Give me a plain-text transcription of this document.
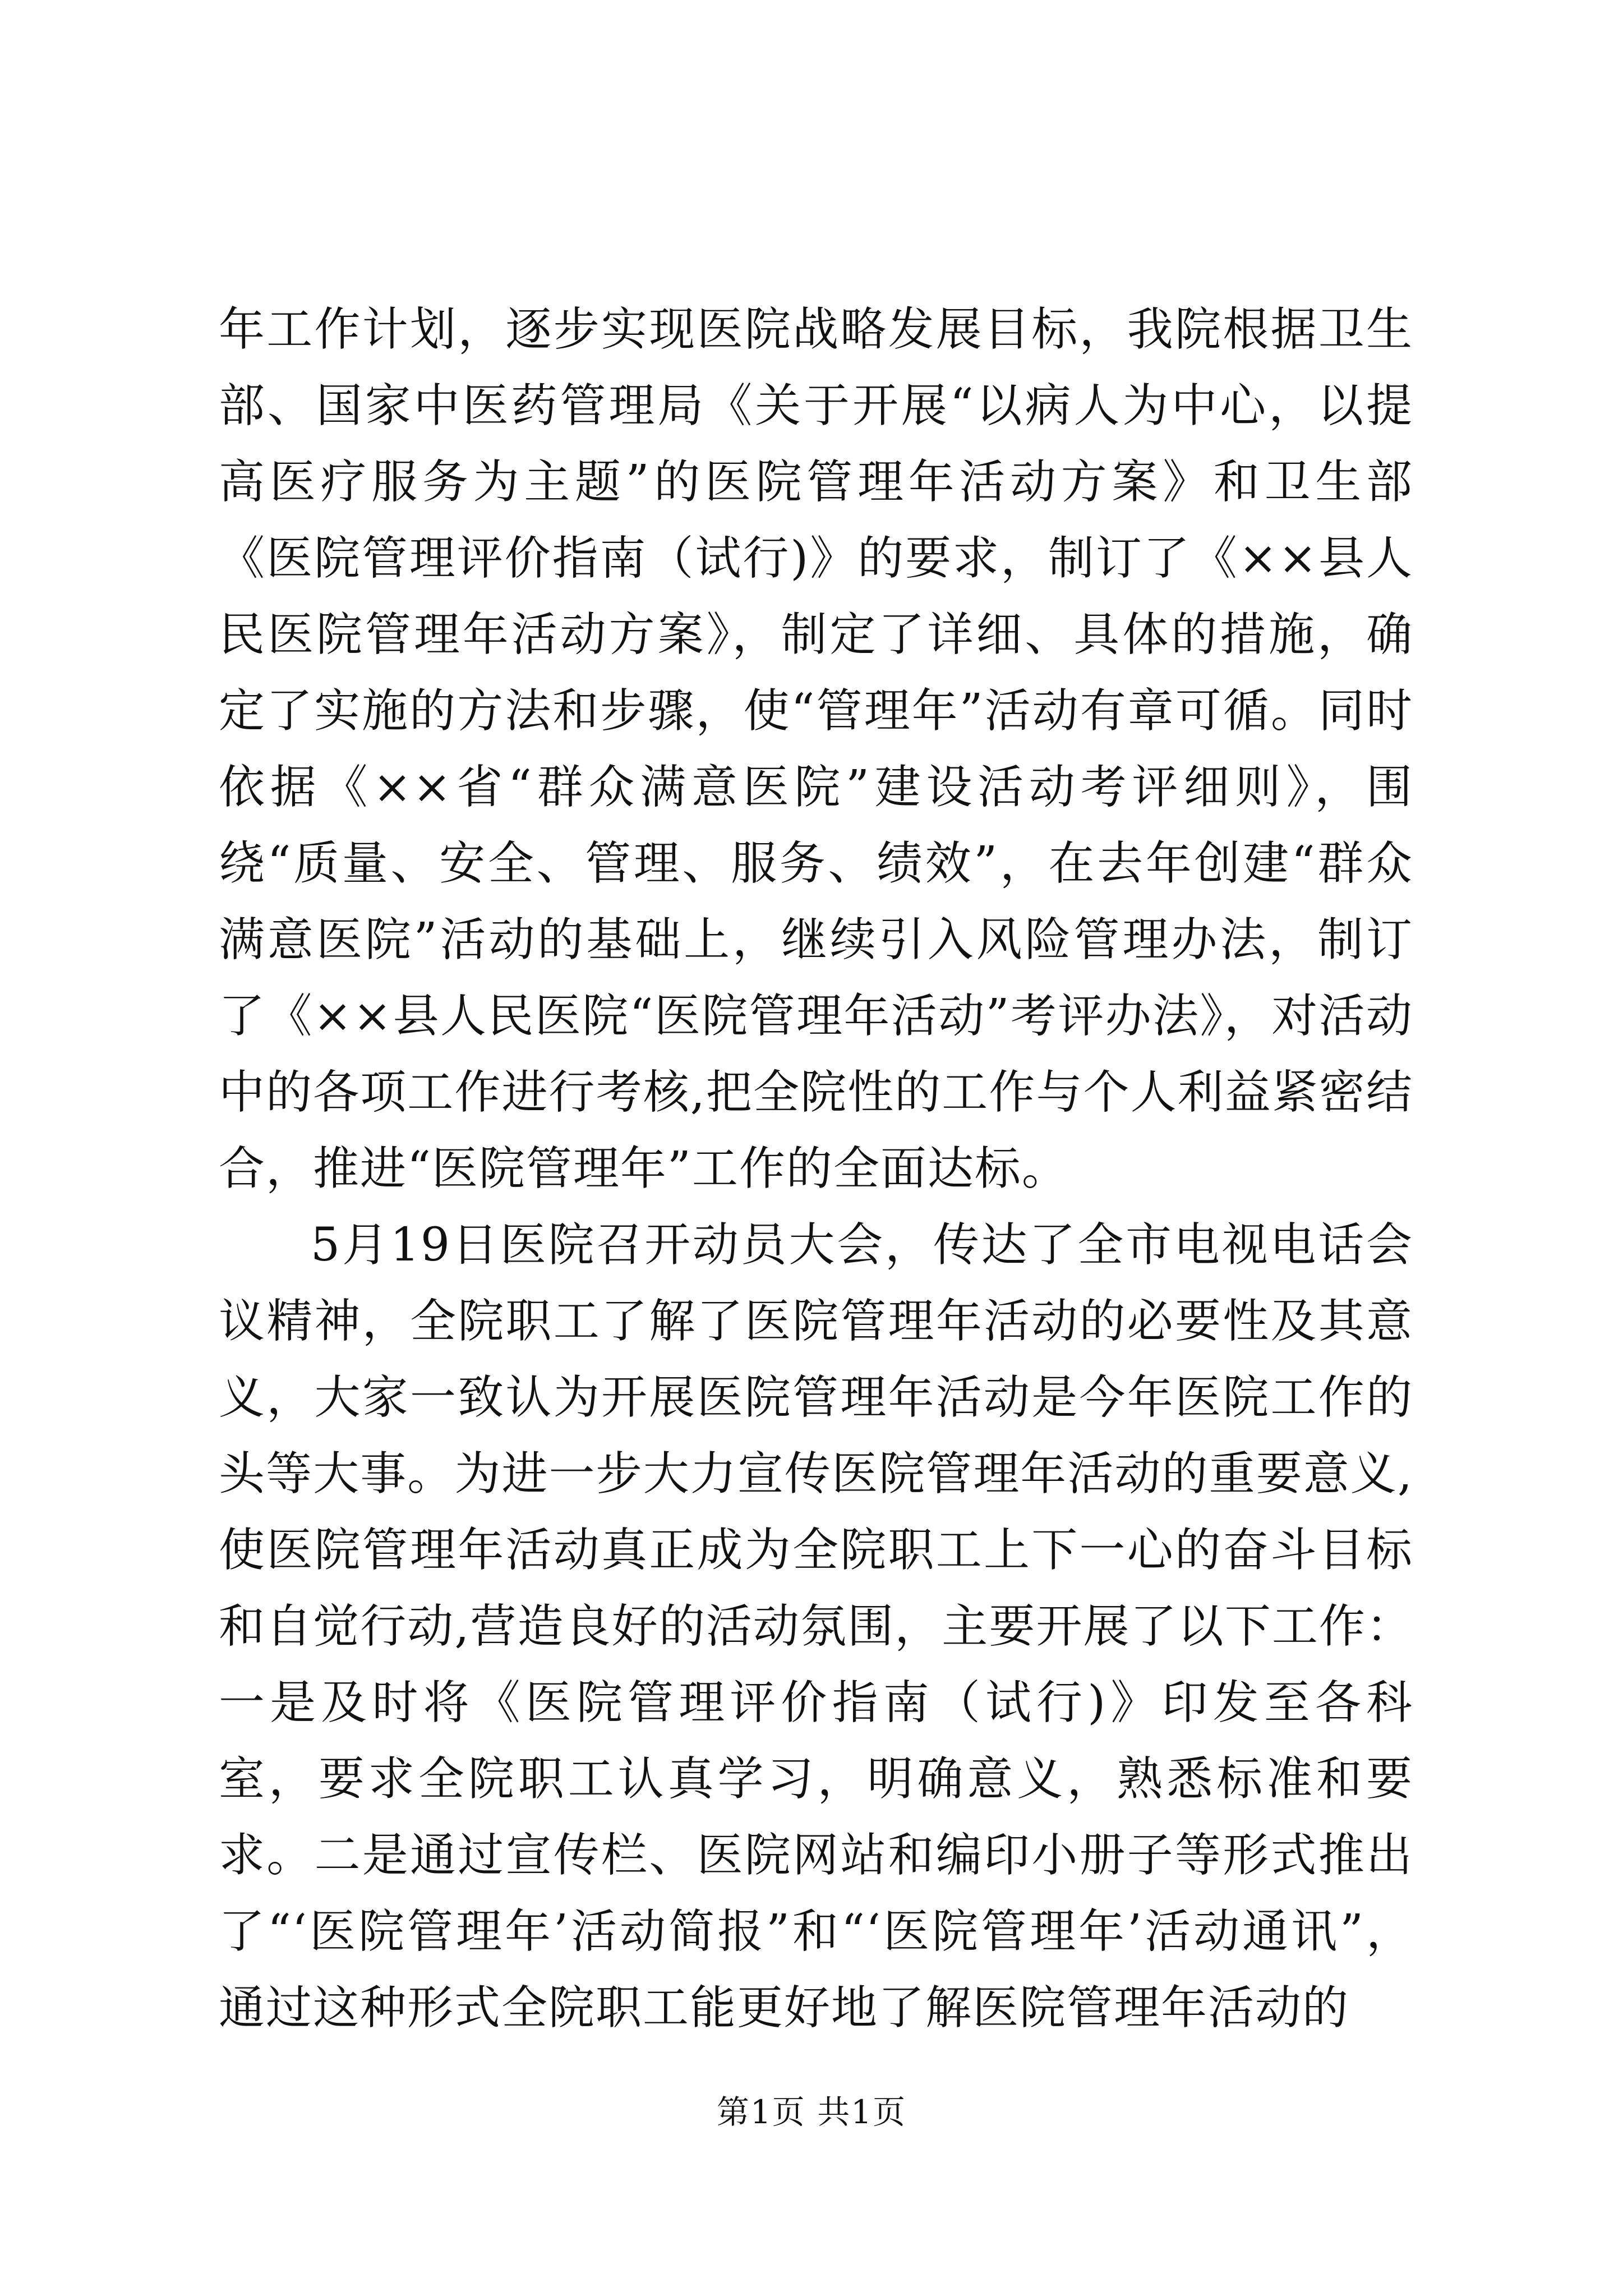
年工作计划，逐步实现医院战略发展目标，我院根据卫生部、国家中医药管理局《关于开展“以病人为中心，以提高医疗服务为主题”的医院管理年活动方案》和卫生部《医院管理评价指南（试行)》的要求，制订了《××县人民医院管理年活动方案》，制定了详细、具体的措施，确定了实施的方法和步骤，使“管理年”活动有章可循。同时依据《××省“群众满意医院”建设活动考评细则》，围绕“质量、安全、管理、服务、绩效”，在去年创建“群众满意医院”活动的基础上，继续引入风险管理办法，制订了《××县人民医院“医院管理年活动”考评办法》，对活动中的各项工作进行考核,把全院性的工作与个人利益紧密结合，推进“医院管理年”工作的全面达标。

5月19日医院召开动员大会，传达了全市电视电话会议精神，全院职工了解了医院管理年活动的必要性及其意义，大家一致认为开展医院管理年活动是今年医院工作的头等大事。为进一步大力宣传医院管理年活动的重要意义,使医院管理年活动真正成为全院职工上下一心的奋斗目标和自觉行动,营造良好的活动氛围，主要开展了以下工作：一是及时将《医院管理评价指南（试行)》印发至各科室，要求全院职工认真学习，明确意义，熟悉标准和要求。二是通过宣传栏、医院网站和编印小册子等形式推出了“‘医院管理年’活动简报”和“‘医院管理年’活动通讯”，通过这种形式全院职工能更好地了解医院管理年活动的

第1页 共1页
